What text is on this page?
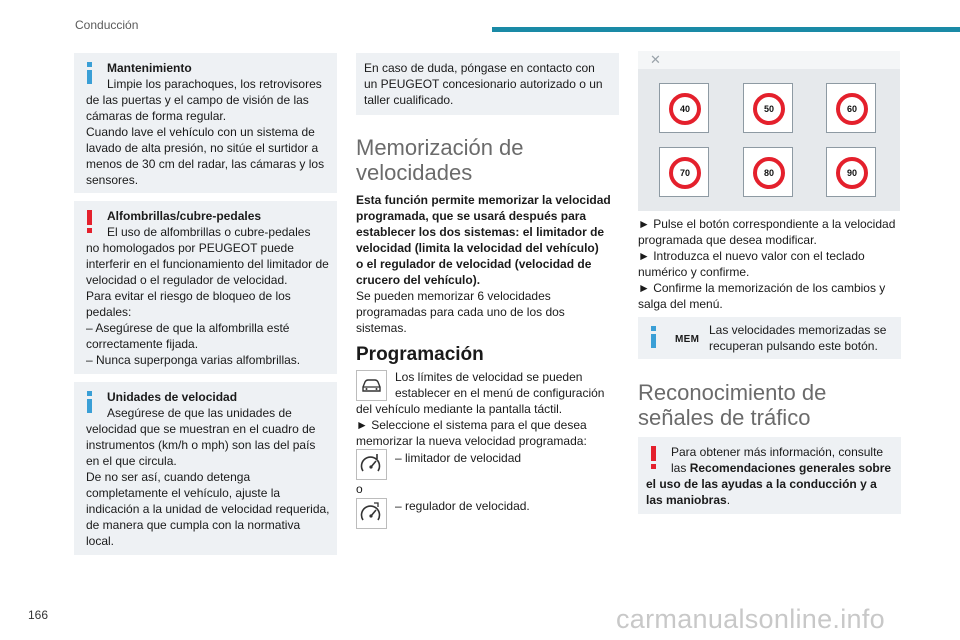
Conducción

Mantenimiento

Limpie los parachoques, los retrovisores

de las puertas y el campo de visión de las

cámaras de forma regular.

Cuando lave el vehículo con un sistema de

lavado de alta presión, no sitúe el surtidor a

menos de 30 cm del radar, las cámaras y los

sensores.

Alfombrillas/cubre-pedales

El uso de alfombrillas o cubre-pedales

no homologados por PEUGEOT puede

interferir en el funcionamiento del limitador de

velocidad o el regulador de velocidad.

Para evitar el riesgo de bloqueo de los

pedales:

– Asegúrese de que la alfombrilla esté

correctamente fijada.

– Nunca superponga varias alfombrillas.

Unidades de velocidad

Asegúrese de que las unidades de

velocidad que se muestran en el cuadro de

instrumentos (km/h o mph) son las del país

en el que circula.

De no ser así, cuando detenga

completamente el vehículo, ajuste la

indicación a la unidad de velocidad requerida,

de manera que cumpla con la normativa

local.

En caso de duda, póngase en contacto con

un PEUGEOT concesionario autorizado o un

taller cualificado.

Memorización de
velocidades

Esta función permite memorizar la velocidad

programada, que se usará después para

establecer los dos sistemas: el limitador de

velocidad (limita la velocidad del vehículo)

o el regulador de velocidad (velocidad de

crucero del vehículo).

Se pueden memorizar 6 velocidades

programadas para cada uno de los dos

sistemas.

Programación

Los límites de velocidad se pueden

establecer en el menú de configuración

del vehículo mediante la pantalla táctil.

► Seleccione el sistema para el que desea

memorizar la nueva velocidad programada:

– limitador de velocidad
o
– regulador de velocidad.
✕
40	50	60
70	80	90

► Pulse el botón correspondiente a la velocidad

programada que desea modificar.

► Introduzca el nuevo valor con el teclado

numérico y confirme.

► Confirme la memorización de los cambios y

salga del menú.

MEM

Las velocidades memorizadas se

recuperan pulsando este botón.

Reconocimiento de
señales de tráfico

Para obtener más información, consulte

las Recomendaciones generales sobre

el uso de las ayudas a la conducción y a

las maniobras.

166	carmanualsonline.info
